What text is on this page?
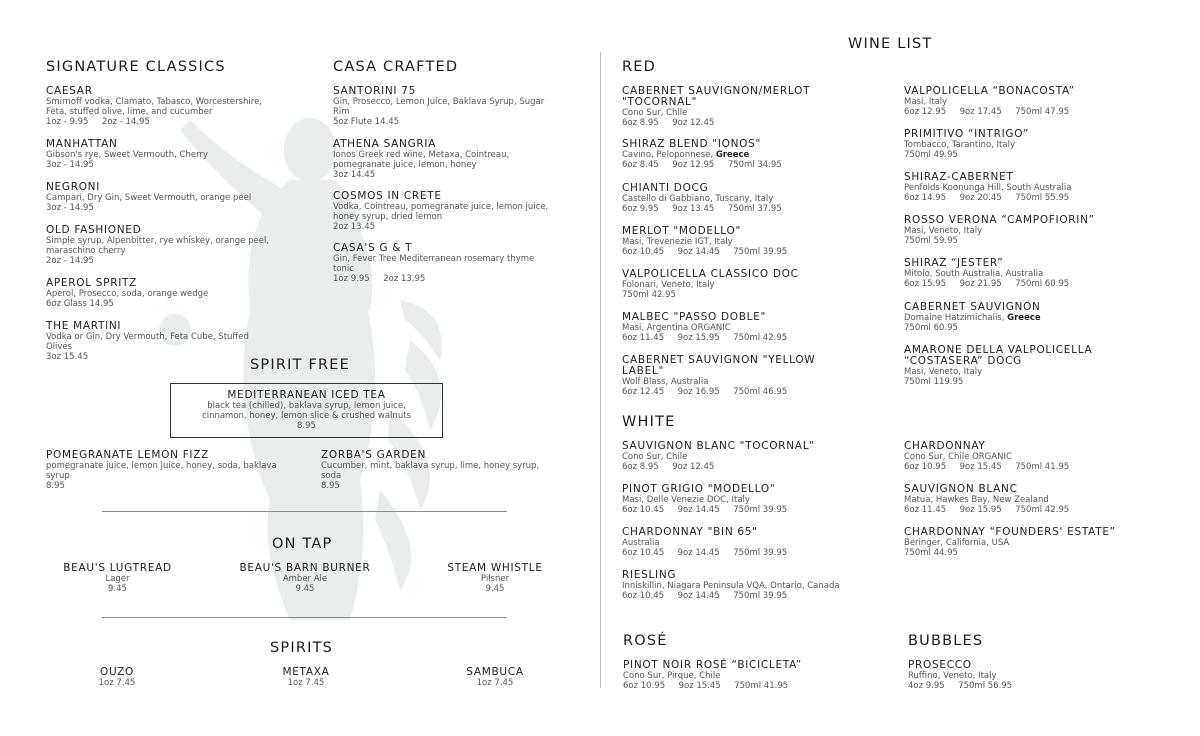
SIGNATURE CLASSICS
CAESAR
Smirnoff vodka, Clamato, Tabasco, Worcestershire,
Feta, stuffed olive, lime, and cucumber
1oz - 9.95     2oz - 14.95
MANHATTAN
Gibson's rye, Sweet Vermouth, Cherry
3oz - 14.95
NEGRONI
Campari, Dry Gin, Sweet Vermouth, orange peel
3oz - 14.95
OLD FASHIONED
Simple syrup, Alpenbitter, rye whiskey, orange peel,
maraschino cherry
2oz - 14.95
APEROL SPRITZ
Aperol, Prosecco, soda, orange wedge
6oz Glass 14.95
THE MARTINI
Vodka or Gin, Dry Vermouth, Feta Cube, Stuffed
Olives
3oz 15.45
CASA CRAFTED
SANTORINI 75
Gin, Prosecco, Lemon Juice, Baklava Syrup, Sugar
Rim
5oz Flute 14.45
ATHENA SANGRIA
Ionos Greek red wine, Metaxa, Cointreau,
pomegranate juice, lemon, honey
3oz 14.45
COSMOS IN CRETE
Vodka, Cointreau, pomegranate juice, lemon juice,
honey syrup, dried lemon
2oz 13.45
CASA'S G & T
Gin, Fever Tree Mediterranean rosemary thyme
tonic
1oz 9.95     2oz 13.95
SPIRIT FREE
MEDITERRANEAN ICED TEA
black tea (chilled), baklava syrup, lemon juice,
cinnamon, honey, lemon slice & crushed walnuts
8.95
POMEGRANATE LEMON FIZZ
pomegranate juice, lemon juice, honey, soda, baklava
syrup
8.95
ZORBA'S GARDEN
Cucumber, mint, baklava syrup, lime, honey syrup,
soda
8.95
ON TAP
BEAU'S LUGTREAD
Lager
9.45
BEAU'S BARN BURNER
Amber Ale
9.45
STEAM WHISTLE
Pilsner
9.45
SPIRITS
OUZO
1oz 7.45
METAXA
1oz 7.45
SAMBUCA
1oz 7.45
WINE LIST
RED
CABERNET SAUVIGNON/MERLOT
"TOCORNAL"
Cono Sur, Chile
6oz 8.95     9oz 12.45
SHIRAZ BLEND "IONOS"
Cavino, Peloponnese, Greece
6oz 8.45     9oz 12.95     750ml 34.95
CHIANTI DOCG
Castello di Gabbiano, Tuscany, Italy
6oz 9.95     9oz 13.45     750ml 37.95
MERLOT "MODELLO"
Masi, Trevenezie IGT, Italy
6oz 10.45     9oz 14.45     750ml 39.95
VALPOLICELLA CLASSICO DOC
Folonari, Veneto, Italy
750ml 42.95
MALBEC "PASSO DOBLE"
Masi, Argentina ORGANIC
6oz 11.45     9oz 15.95     750ml 42.95
CABERNET SAUVIGNON "YELLOW
LABEL"
Wolf Blass, Australia
6oz 12.45     9oz 16.95     750ml 46.95
VALPOLICELLA “BONACOSTA”
Masi, Italy
6oz 12.95     9oz 17.45     750ml 47.95
PRIMITIVO “INTRIGO”
Tombacco, Tarantino, Italy
750ml 49.95
SHIRAZ-CABERNET
Penfolds Koonunga Hill, South Australia
6oz 14.95     9oz 20.45     750ml 55.95
ROSSO VERONA “CAMPOFIORIN”
Masi, Veneto, Italy
750ml 59.95
SHIRAZ “JESTER”
Mitolo, South Australia, Australia
6oz 15.95     9oz 21.95     750ml 60.95
CABERNET SAUVIGNON
Domaine Hatzimichalis, Greece
750ml 60.95
AMARONE DELLA VALPOLICELLA
“COSTASERA” DOCG
Masi, Veneto, Italy
750ml 119.95
WHITE
SAUVIGNON BLANC "TOCORNAL"
Cono Sur, Chile
6oz 8.95     9oz 12.45
PINOT GRIGIO "MODELLO"
Masi, Delle Venezie DOC, Italy
6oz 10.45     9oz 14.45     750ml 39.95
CHARDONNAY "BIN 65"
Australia
6oz 10.45     9oz 14.45     750ml 39.95
RIESLING
Inniskillin, Niagara Peninsula VQA, Ontario, Canada
6oz 10.45     9oz 14.45     750ml 39.95
CHARDONNAY
Cono Sur, Chile ORGANIC
6oz 10.95     9oz 15.45     750ml 41.95
SAUVIGNON BLANC
Matua, Hawkes Bay, New Zealand
6oz 11.45     9oz 15.95     750ml 42.95
CHARDONNAY “FOUNDERS' ESTATE”
Beringer, California, USA
750ml 44.95
ROSÉ
PINOT NOIR ROSÉ “BICICLETA”
Cono Sur, Pirque, Chile
6oz 10.95     9oz 15.45     750ml 41.95
BUBBLES
PROSECCO
Ruffino, Veneto, Italy
4oz 9.95     750ml 56.95
